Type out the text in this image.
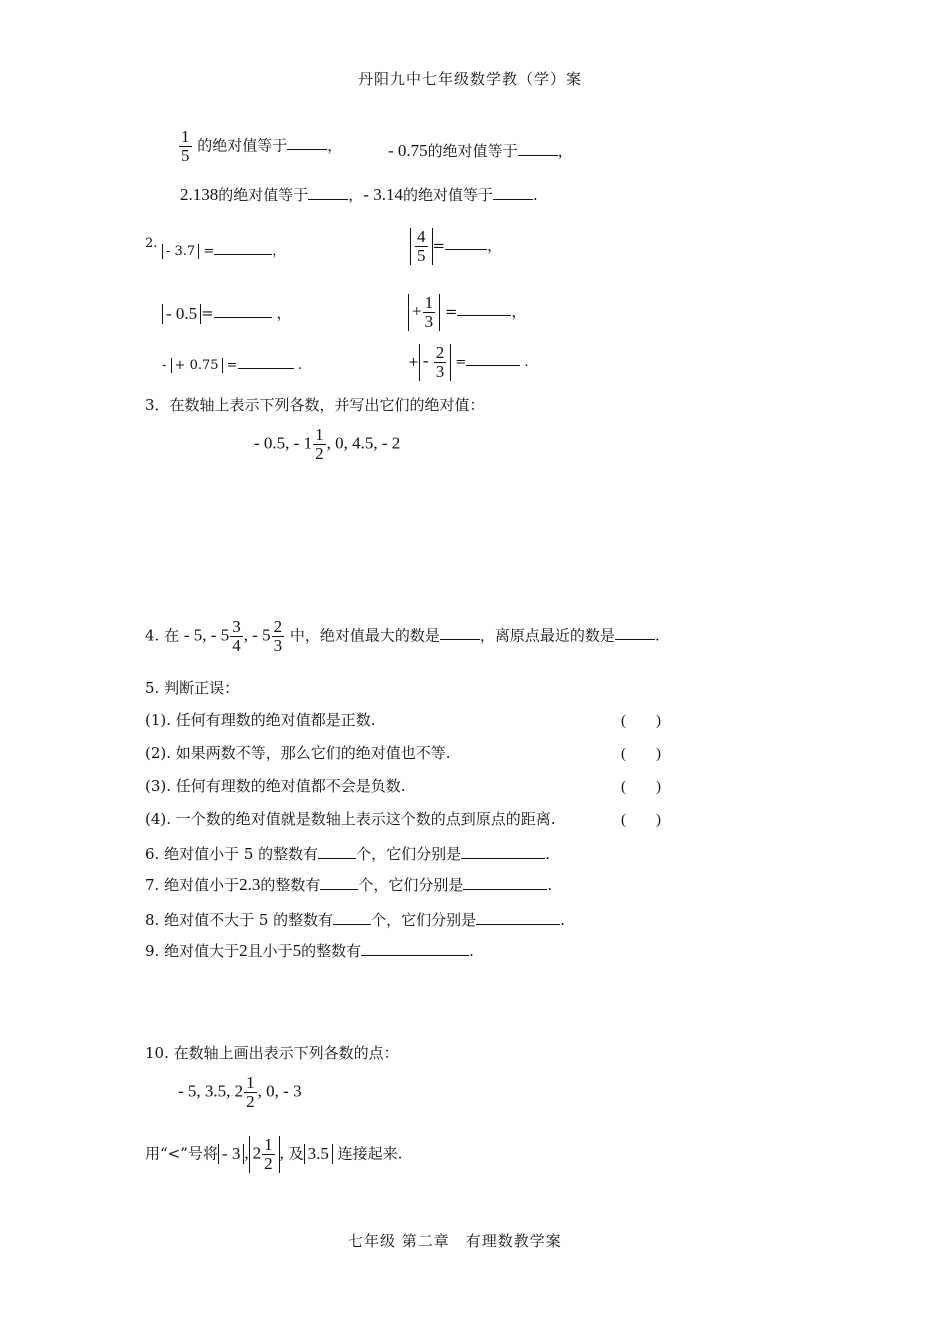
丹阳九中七年级数学教（学）案
$\frac{1}{5}$ 的绝对值等于	，	- 0.75的绝对值等于	，
2.138的绝对值等于	，- 3.14的绝对值等于	.
2.
- 3.7 =	，	$\frac{4}{5}$ =	，
- 0.5 =	，	+ $\frac{1}{3}$ =	，
- + 0.75 =	.	+ - $\frac{2}{3}$ =	.
3．在数轴上表示下列各数，并写出它们的绝对值：
- 0.5, - $1 \frac{1}{2}$ , 0, 4.5, - 2
4. 在 - 5, - $5 \frac{3}{4}$ , - $5 \frac{2}{3}$ 中，绝对值最大的数是	，离原点最近的数是	.
5. 判断正误：
(1). 任何有理数的绝对值都是正数.	(　　)
(2). 如果两数不等，那么它们的绝对值也不等.	(　　)
(3). 任何有理数的绝对值都不会是负数.	(　　)
(4). 一个数的绝对值就是数轴上表示这个数的点到原点的距离.	(　　)
6. 绝对值小于 5 的整数有	个，它们分别是	.
7. 绝对值小于2.3的整数有	个，它们分别是	.
8. 绝对值不大于 5 的整数有	个，它们分别是	.
9. 绝对值大于2且小于5的整数有	.
10. 在数轴上画出表示下列各数的点：
- 5, 3.5, $2 \frac{1}{2}$ , 0, - 3
用“<”号将 - 3 , $2 \frac{1}{2}$ , 及 3.5 连接起来.
七年级 第二章　有理数教学案
